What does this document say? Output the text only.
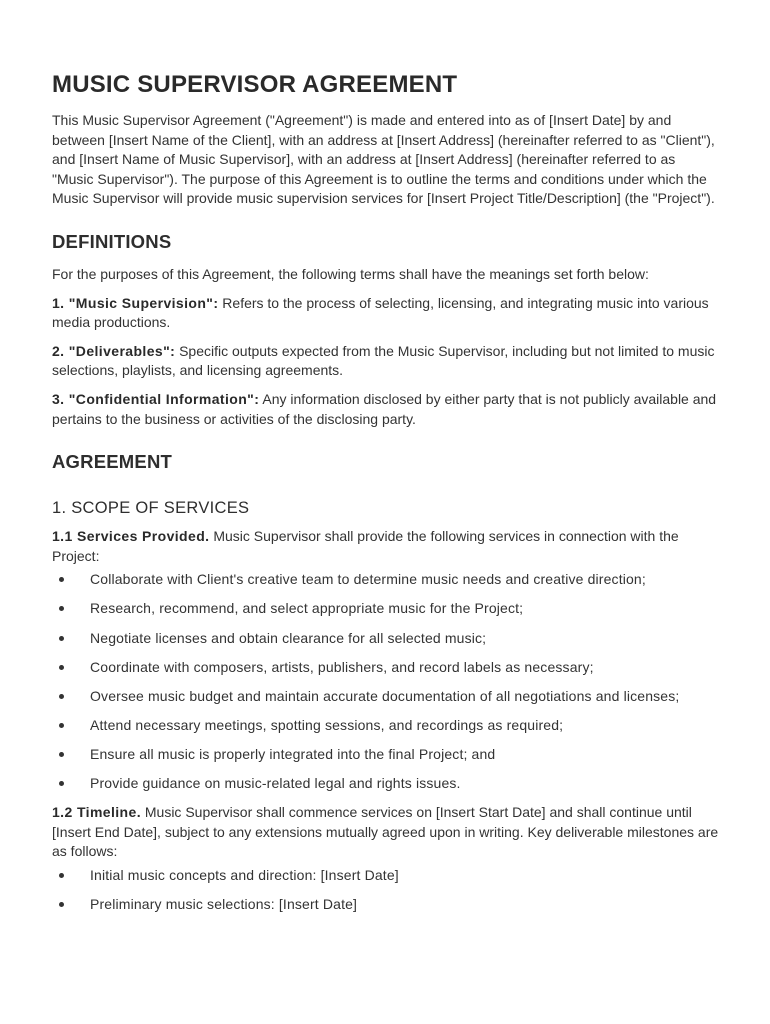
MUSIC SUPERVISOR AGREEMENT

This Music Supervisor Agreement ("Agreement") is made and entered into as of [Insert Date] by and between [Insert Name of the Client], with an address at [Insert Address] (hereinafter referred to as "Client"), and [Insert Name of Music Supervisor], with an address at [Insert Address] (hereinafter referred to as "Music Supervisor"). The purpose of this Agreement is to outline the terms and conditions under which the Music Supervisor will provide music supervision services for [Insert Project Title/Description] (the "Project").

DEFINITIONS

For the purposes of this Agreement, the following terms shall have the meanings set forth below:

1. "Music Supervision": Refers to the process of selecting, licensing, and integrating music into various media productions.

2. "Deliverables": Specific outputs expected from the Music Supervisor, including but not limited to music selections, playlists, and licensing agreements.

3. "Confidential Information": Any information disclosed by either party that is not publicly available and pertains to the business or activities of the disclosing party.

AGREEMENT
1. SCOPE OF SERVICES

1.1 Services Provided. Music Supervisor shall provide the following services in connection with the Project:

Collaborate with Client's creative team to determine music needs and creative direction;
Research, recommend, and select appropriate music for the Project;
Negotiate licenses and obtain clearance for all selected music;
Coordinate with composers, artists, publishers, and record labels as necessary;
Oversee music budget and maintain accurate documentation of all negotiations and licenses;
Attend necessary meetings, spotting sessions, and recordings as required;
Ensure all music is properly integrated into the final Project; and
Provide guidance on music-related legal and rights issues.

1.2 Timeline. Music Supervisor shall commence services on [Insert Start Date] and shall continue until [Insert End Date], subject to any extensions mutually agreed upon in writing. Key deliverable milestones are as follows:

Initial music concepts and direction: [Insert Date]
Preliminary music selections: [Insert Date]
